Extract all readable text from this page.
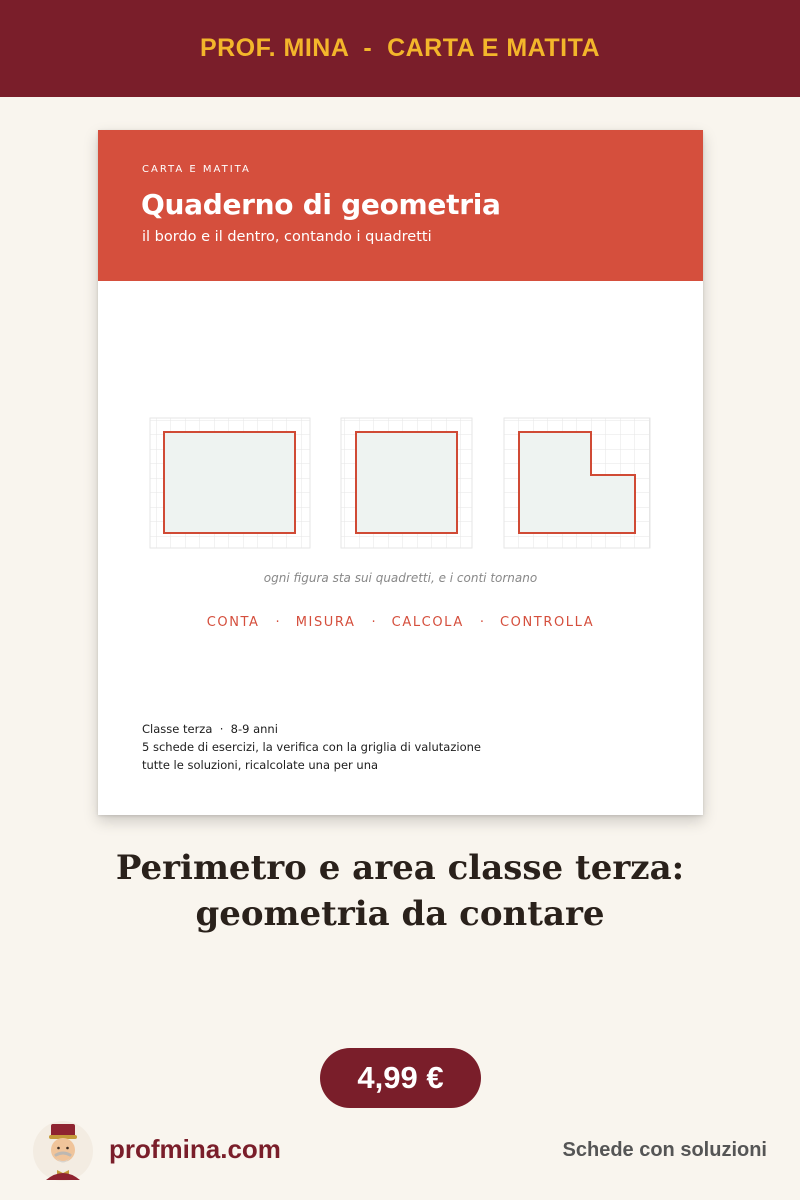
PROF. MINA  -  CARTA E MATITA
CARTA E MATITA
Quaderno di geometria
il bordo e il dentro, contando i quadretti
ogni figura sta sui quadretti, e i conti tornano
CONTA · MISURA · CALCOLA · CONTROLLA
Classe terza  ·  8-9 anni
5 schede di esercizi, la verifica con la griglia di valutazione
tutte le soluzioni, ricalcolate una per una
Perimetro e area classe terza:
geometria da contare
4,99 €
profmina.com	Schede con soluzioni
